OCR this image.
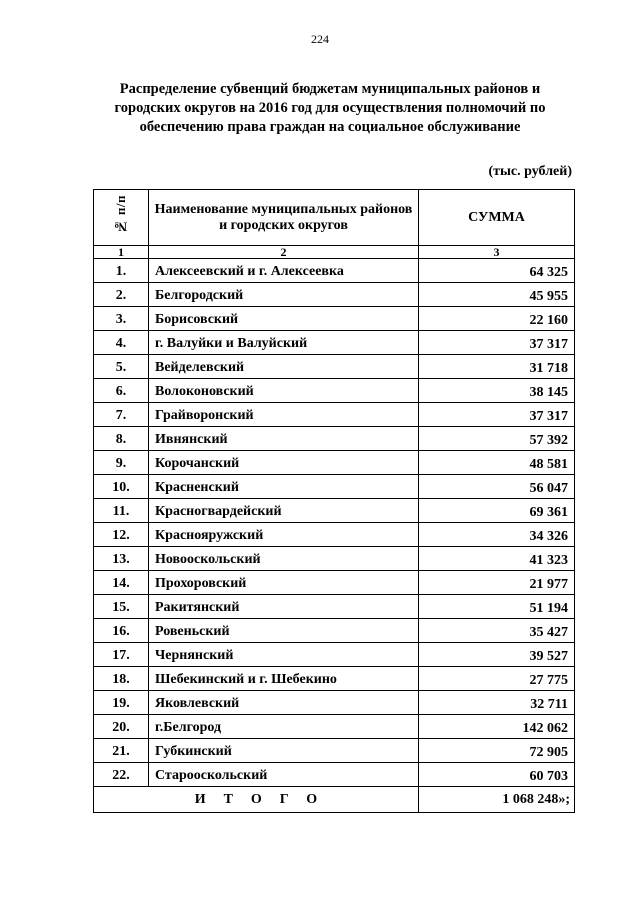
224
Распределение субвенций бюджетам муниципальных районов и городских округов на 2016 год для осуществления полномочий по обеспечению права граждан на социальное обслуживание
(тыс. рублей)
№ п/п	Наименование муниципальных районов и городских округов	СУММА
1	2	3
1.	Алексеевский и г. Алексеевка	64 325
2.	Белгородский	45 955
3.	Борисовский	22 160
4.	г. Валуйки и Валуйский	37 317
5.	Вейделевский	31 718
6.	Волоконовский	38 145
7.	Грайворонский	37 317
8.	Ивнянский	57 392
9.	Корочанский	48 581
10.	Красненский	56 047
11.	Красногвардейский	69 361
12.	Краснояружский	34 326
13.	Новооскольский	41 323
14.	Прохоровский	21 977
15.	Ракитянский	51 194
16.	Ровеньский	35 427
17.	Чернянский	39 527
18.	Шебекинский и г. Шебекино	27 775
19.	Яковлевский	32 711
20.	г.Белгород	142 062
21.	Губкинский	72 905
22.	Старооскольский	60 703
ИТОГО		1 068 248»;
